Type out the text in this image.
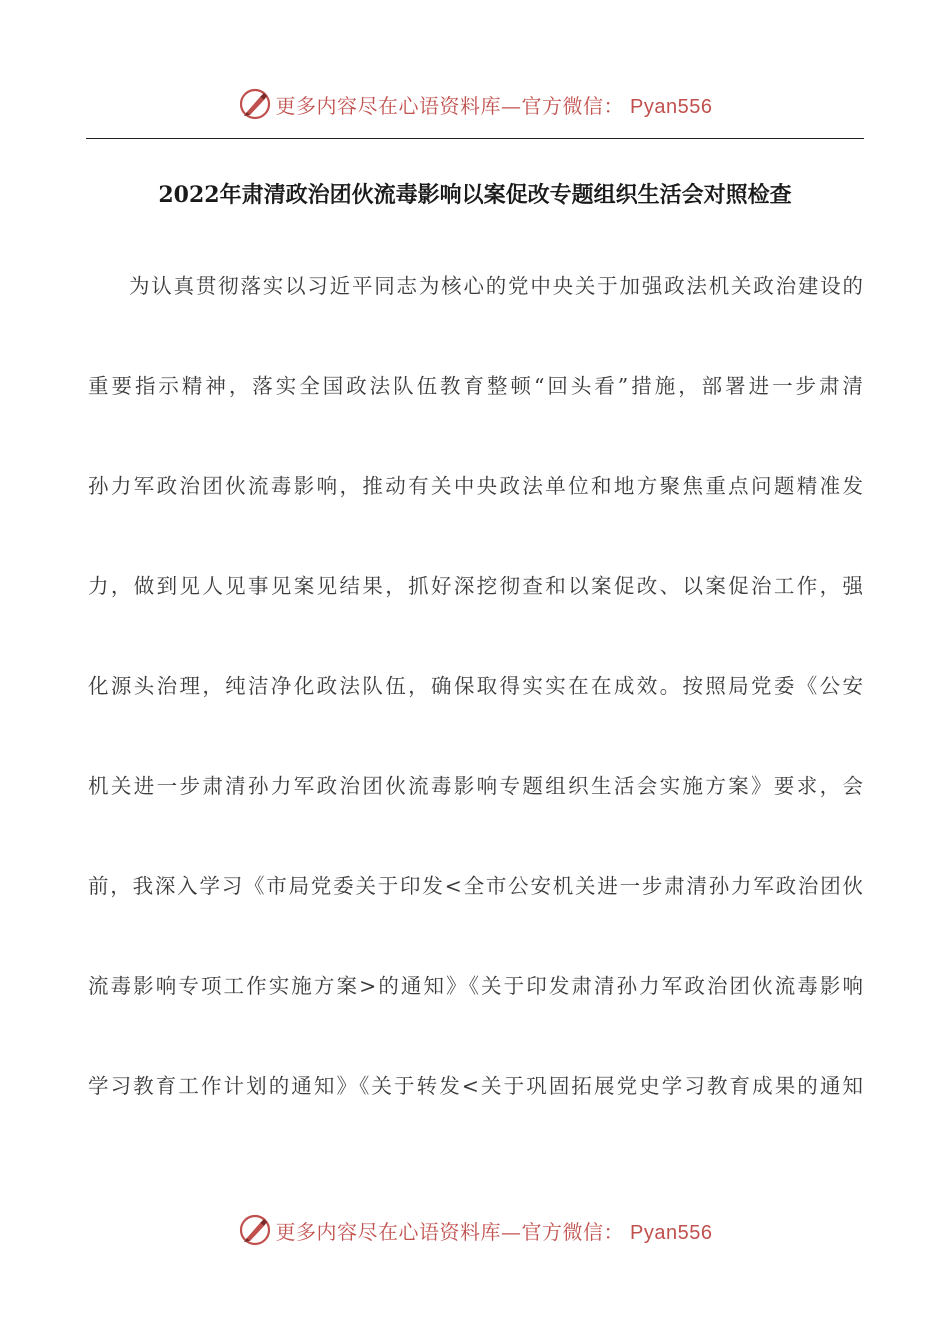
更多内容尽在心语资料库—官方微信： Pyan556
2022年肃清政治团伙流毒影响以案促改专题组织生活会对照检查
为认真贯彻落实以习近平同志为核心的党中央关于加强政法机关政治建设的
重要指示精神，落实全国政法队伍教育整顿“回头看”措施，部署进一步肃清
孙力军政治团伙流毒影响，推动有关中央政法单位和地方聚焦重点问题精准发
力，做到见人见事见案见结果，抓好深挖彻查和以案促改、以案促治工作，强
化源头治理，纯洁净化政法队伍，确保取得实实在在成效。按照局党委《公安
机关进一步肃清孙力军政治团伙流毒影响专题组织生活会实施方案》要求，会
前，我深入学习《市局党委关于印发<全市公安机关进一步肃清孙力军政治团伙
流毒影响专项工作实施方案>的通知》《关于印发肃清孙力军政治团伙流毒影响
学习教育工作计划的通知》《关于转发<关于巩固拓展党史学习教育成果的通知
更多内容尽在心语资料库—官方微信： Pyan556
